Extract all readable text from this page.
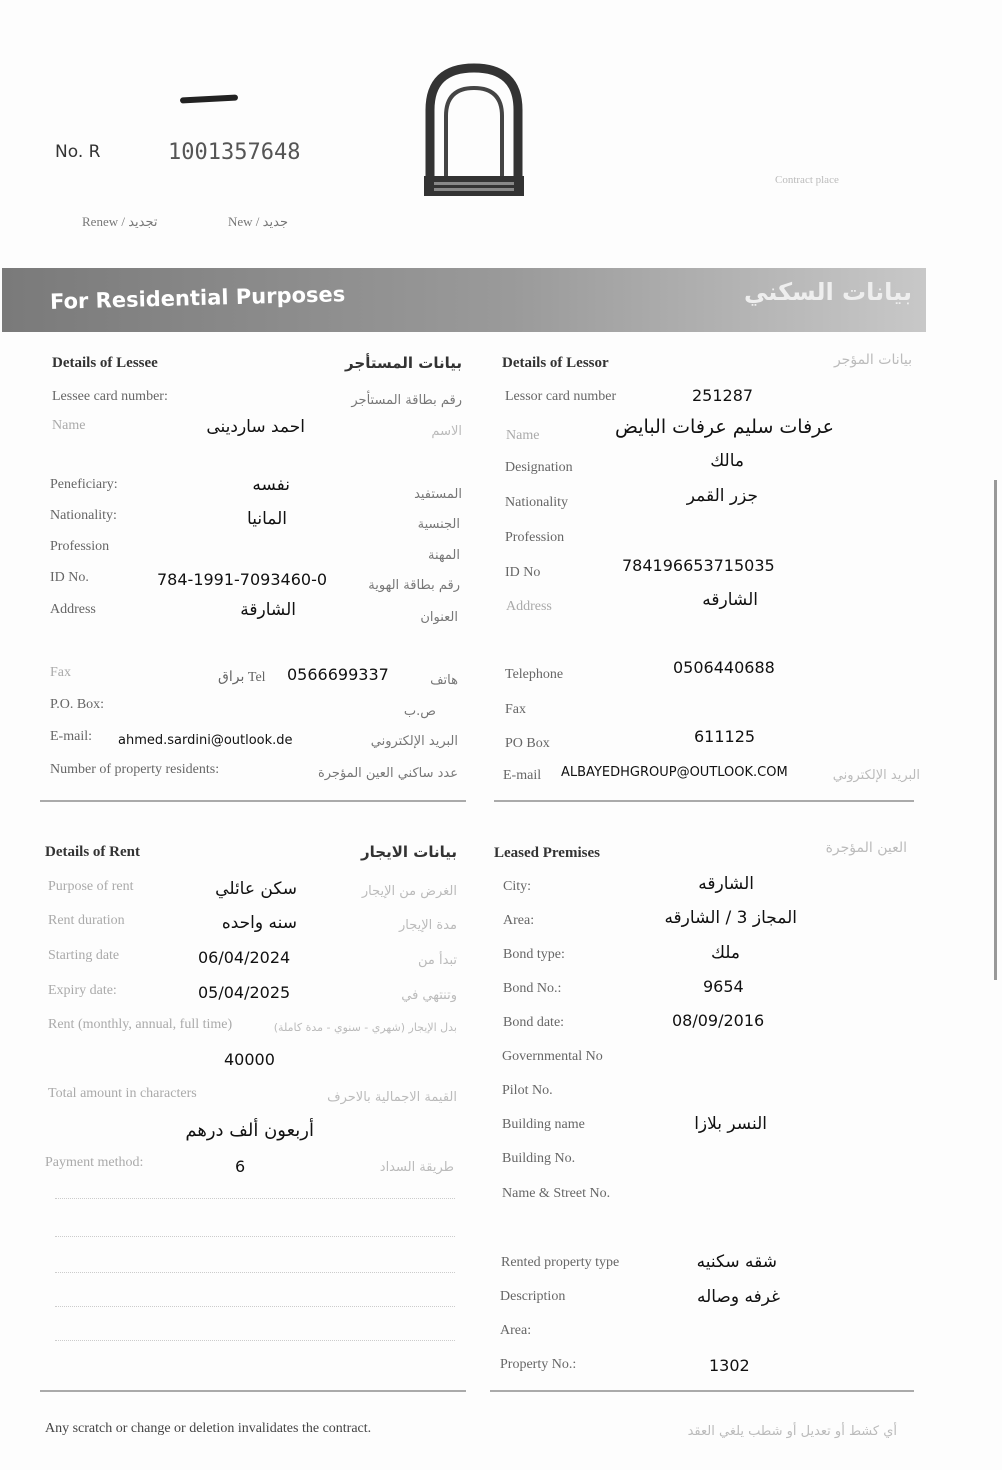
No. R	1001357648
Renew / تجديد	New / جديد
Contract place
For Residential Purposes	بيانات السكني
Details of Lessee	بيانات المستأجر
Lessee card number:	رقم بطاقة المستأجر
Name	احمد ساردينى	الاسم
Peneficiary:	نفسه	المستفيد
Nationality:	المانيا	الجنسية
Profession
المهنة
ID No.	784-1991-7093460-0	رقم بطاقة الهوية
Address	الشارقة	العنوان
Fax	براق Tel 0566699337	هاتف
P.O. Box:	ص.ب
E-mail: ahmed.sardini@outlook.de	البريد الإلكتروني
Number of property residents:	عدد ساكني العين المؤجرة
Details of Lessor	بيانات المؤجر
Lessor card number	251287
Name	عرفات سليم عرفات البايض
Designation	مالك
Nationality	جزر القمر
Profession
ID No	784196653715035
Address	الشارقه
Telephone	0506440688
Fax
PO Box	611125
E-mail ALBAYEDHGROUP@OUTLOOK.COM	البريد الإلكتروني
Details of Rent	بيانات الايجار
Purpose of rent	سكن عائلي	الغرض من الإيجار
Rent duration	سنه واحده	مدة الإيجار
Starting date	06/04/2024	تبدأ من
Expiry date:	05/04/2025	وتنتهي في
Rent (monthly, annual, full time)	بدل الإيجار (شهري - سنوي - مدة كاملة)
40000
Total amount in characters	القيمة الاجمالية بالاحرف
أربعون ألف درهم
Payment method:	6	طريقة السداد
Leased Premises	العين المؤجرة
City:	الشارقه
Area:	المجاز 3 / الشارقه
Bond type:	ملك
Bond No.:	9654
Bond date:	08/09/2016
Governmental No
Pilot No.
Building name	النسر بلازا
Building No.
Name & Street No.
Rented property type	شقه سكنيه
Description	غرفه وصاله
Area:
Property No.:	1302
Any scratch or change or deletion invalidates the contract.	أي كشط أو تعديل أو شطب يلغي العقد
